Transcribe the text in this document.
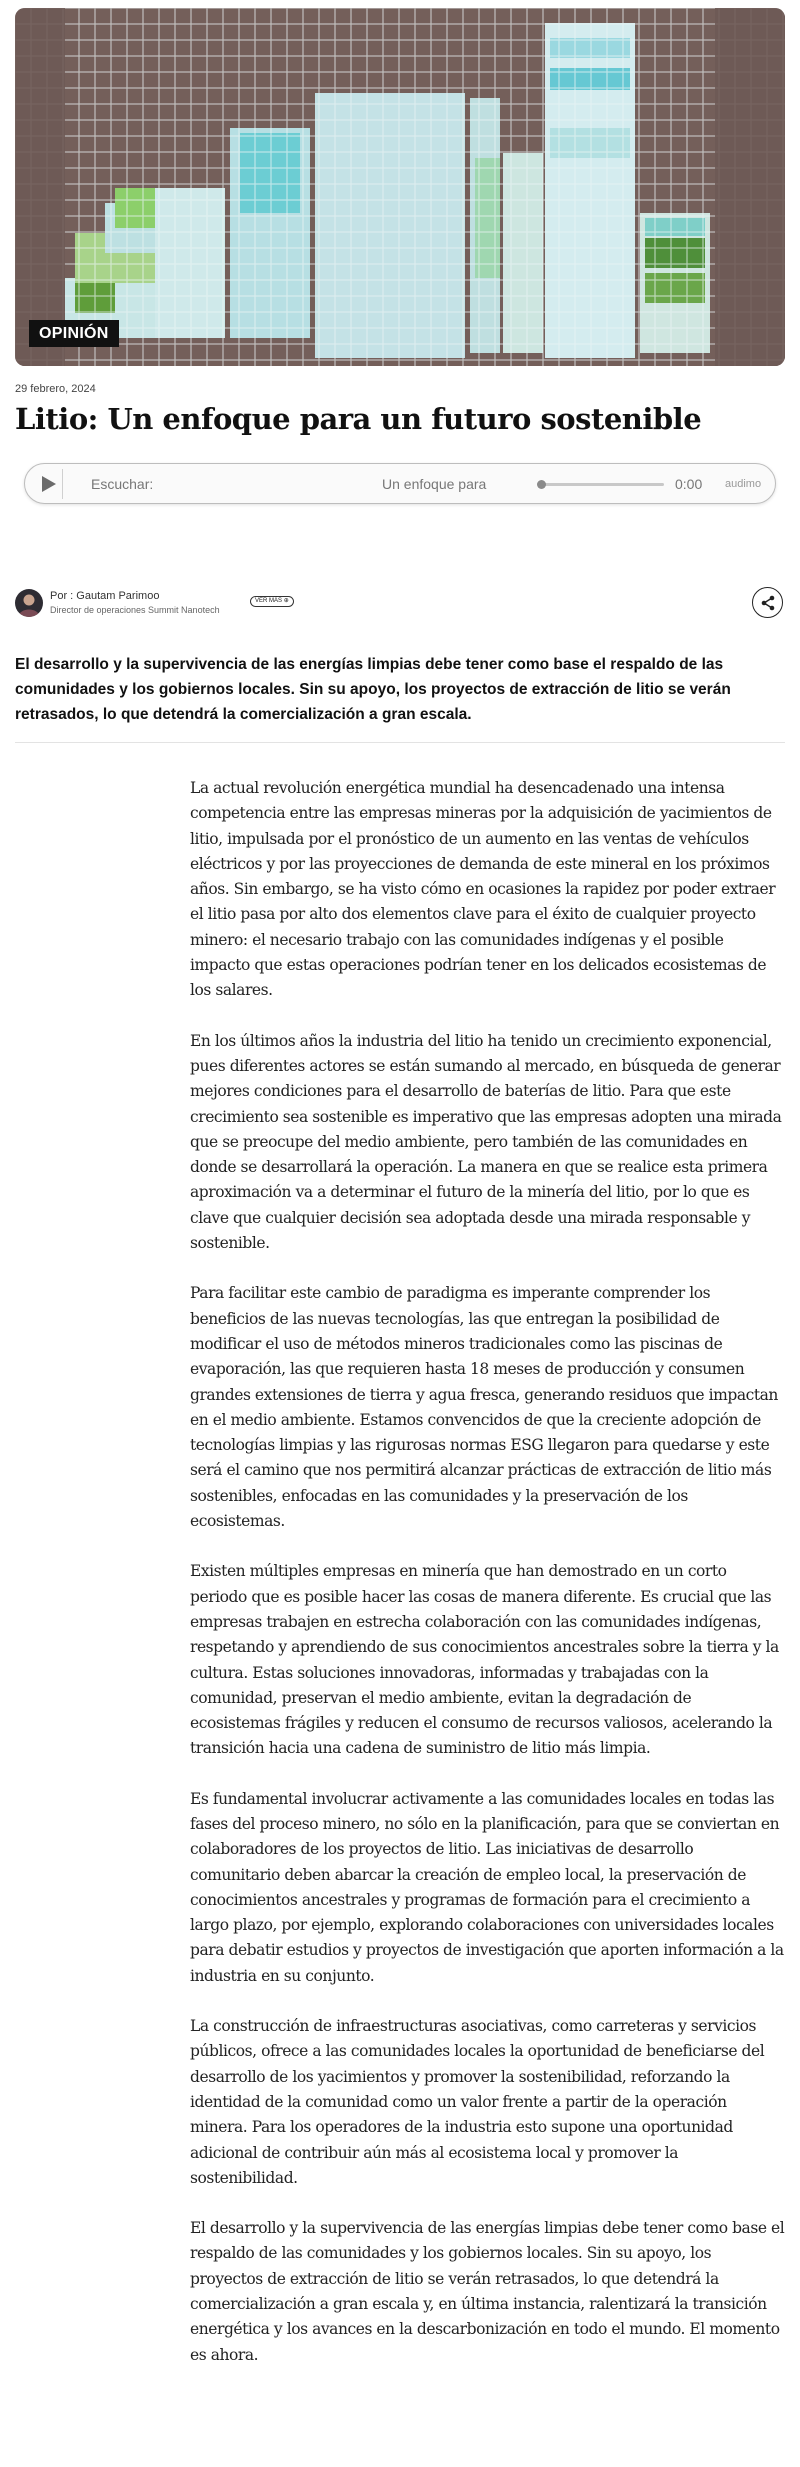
OPINIÓN
29 febrero, 2024
Litio: Un enfoque para un futuro sostenible
Escuchar:	Un enfoque para	0:00 audimo
Por : Gautam Parimoo
Director de operaciones Summit Nanotech
VER MÁS ⊕

El desarrollo y la supervivencia de las energías limpias debe tener como base el respaldo de las comunidades y los gobiernos locales. Sin su apoyo, los proyectos de extracción de litio se verán retrasados, lo que detendrá la comercialización a gran escala.

La actual revolución energética mundial ha desencadenado una intensa competencia entre las empresas mineras por la adquisición de yacimientos de litio, impulsada por el pronóstico de un aumento en las ventas de vehículos eléctricos y por las proyecciones de demanda de este mineral en los próximos años. Sin embargo, se ha visto cómo en ocasiones la rapidez por poder extraer el litio pasa por alto dos elementos clave para el éxito de cualquier proyecto minero: el necesario trabajo con las comunidades indígenas y el posible impacto que estas operaciones podrían tener en los delicados ecosistemas de los salares.

En los últimos años la industria del litio ha tenido un crecimiento exponencial, pues diferentes actores se están sumando al mercado, en búsqueda de generar mejores condiciones para el desarrollo de baterías de litio. Para que este crecimiento sea sostenible es imperativo que las empresas adopten una mirada que se preocupe del medio ambiente, pero también de las comunidades en donde se desarrollará la operación. La manera en que se realice esta primera aproximación va a determinar el futuro de la minería del litio, por lo que es clave que cualquier decisión sea adoptada desde una mirada responsable y sostenible.

Para facilitar este cambio de paradigma es imperante comprender los beneficios de las nuevas tecnologías, las que entregan la posibilidad de modificar el uso de métodos mineros tradicionales como las piscinas de evaporación, las que requieren hasta 18 meses de producción y consumen grandes extensiones de tierra y agua fresca, generando residuos que impactan en el medio ambiente. Estamos convencidos de que la creciente adopción de tecnologías limpias y las rigurosas normas ESG llegaron para quedarse y este será el camino que nos permitirá alcanzar prácticas de extracción de litio más sostenibles, enfocadas en las comunidades y la preservación de los ecosistemas.

Existen múltiples empresas en minería que han demostrado en un corto periodo que es posible hacer las cosas de manera diferente. Es crucial que las empresas trabajen en estrecha colaboración con las comunidades indígenas, respetando y aprendiendo de sus conocimientos ancestrales sobre la tierra y la cultura. Estas soluciones innovadoras, informadas y trabajadas con la comunidad, preservan el medio ambiente, evitan la degradación de ecosistemas frágiles y reducen el consumo de recursos valiosos, acelerando la transición hacia una cadena de suministro de litio más limpia.

Es fundamental involucrar activamente a las comunidades locales en todas las fases del proceso minero, no sólo en la planificación, para que se conviertan en colaboradores de los proyectos de litio. Las iniciativas de desarrollo comunitario deben abarcar la creación de empleo local, la preservación de conocimientos ancestrales y programas de formación para el crecimiento a largo plazo, por ejemplo, explorando colaboraciones con universidades locales para debatir estudios y proyectos de investigación que aporten información a la industria en su conjunto.

La construcción de infraestructuras asociativas, como carreteras y servicios públicos, ofrece a las comunidades locales la oportunidad de beneficiarse del desarrollo de los yacimientos y promover la sostenibilidad, reforzando la identidad de la comunidad como un valor frente a partir de la operación minera. Para los operadores de la industria esto supone una oportunidad adicional de contribuir aún más al ecosistema local y promover la sostenibilidad.

El desarrollo y la supervivencia de las energías limpias debe tener como base el respaldo de las comunidades y los gobiernos locales. Sin su apoyo, los proyectos de extracción de litio se verán retrasados, lo que detendrá la comercialización a gran escala y, en última instancia, ralentizará la transición energética y los avances en la descarbonización en todo el mundo. El momento es ahora.
